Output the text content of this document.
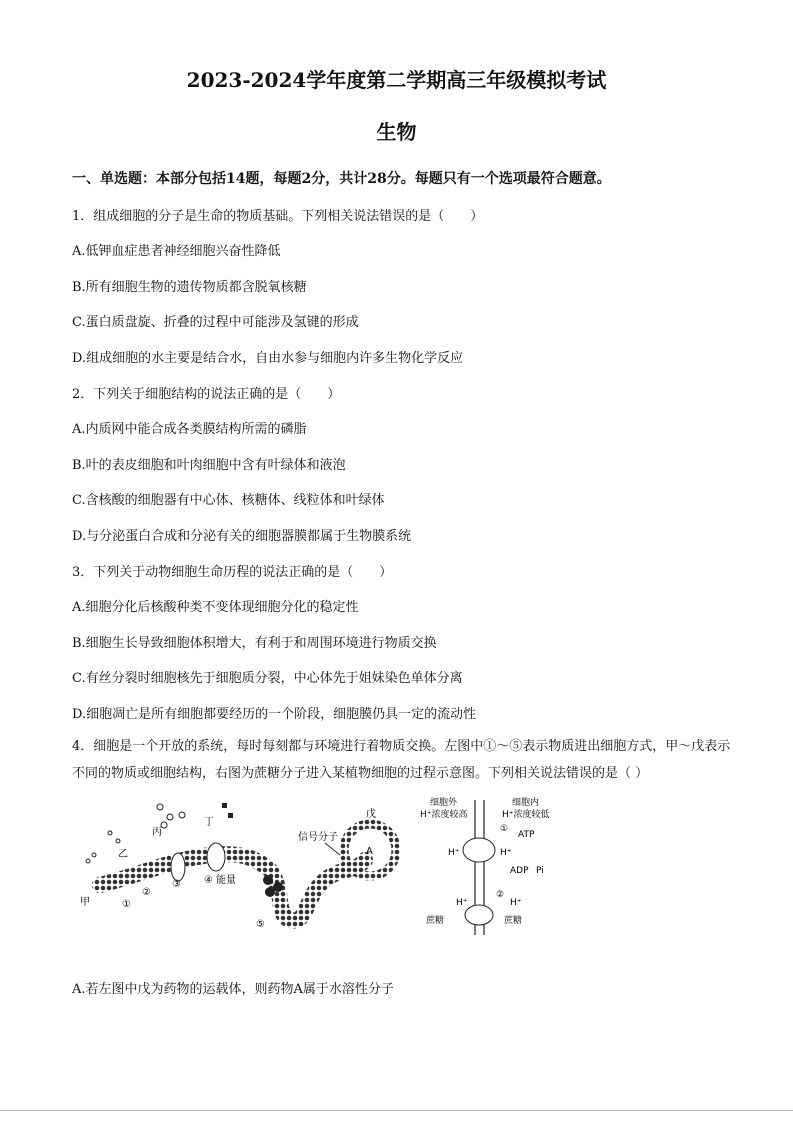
2023-2024学年度第二学期高三年级模拟考试
生物
一、单选题：本部分包括14题，每题2分，共计28分。每题只有一个选项最符合题意。
1．组成细胞的分子是生命的物质基础。下列相关说法错误的是（　　）
A.低钾血症患者神经细胞兴奋性降低
B.所有细胞生物的遗传物质都含脱氧核糖
C.蛋白质盘旋、折叠的过程中可能涉及氢键的形成
D.组成细胞的水主要是结合水，自由水参与细胞内许多生物化学反应
2．下列关于细胞结构的说法正确的是（　　）
A.内质网中能合成各类膜结构所需的磷脂
B.叶的表皮细胞和叶肉细胞中含有叶绿体和液泡
C.含核酸的细胞器有中心体、核糖体、线粒体和叶绿体
D.与分泌蛋白合成和分泌有关的细胞器膜都属于生物膜系统
3．下列关于动物细胞生命历程的说法正确的是（　　）
A.细胞分化后核酸种类不变体现细胞分化的稳定性
B.细胞生长导致细胞体积增大，有利于和周围环境进行物质交换
C.有丝分裂时细胞核先于细胞质分裂，中心体先于姐妹染色单体分离
D.细胞凋亡是所有细胞都要经历的一个阶段，细胞膜仍具一定的流动性
4．细胞是一个开放的系统，每时每刻都与环境进行着物质交换。左图中①～⑤表示物质进出细胞方式，甲～戊表示不同的物质或细胞结构，右图为蔗糖分子进入某植物细胞的过程示意图。下列相关说法错误的是（ ）
A
戊
信号分子
丙
丁
乙
甲	①
②
③ ④ 能量
⑤
细胞外
H⁺浓度较高
细胞内
H⁺浓度较低
①
ATP
ADP Pi
H⁺	H⁺
②
H⁺	H⁺
蔗糖	蔗糖
A.若左图中戊为药物的运载体，则药物A属于水溶性分子
